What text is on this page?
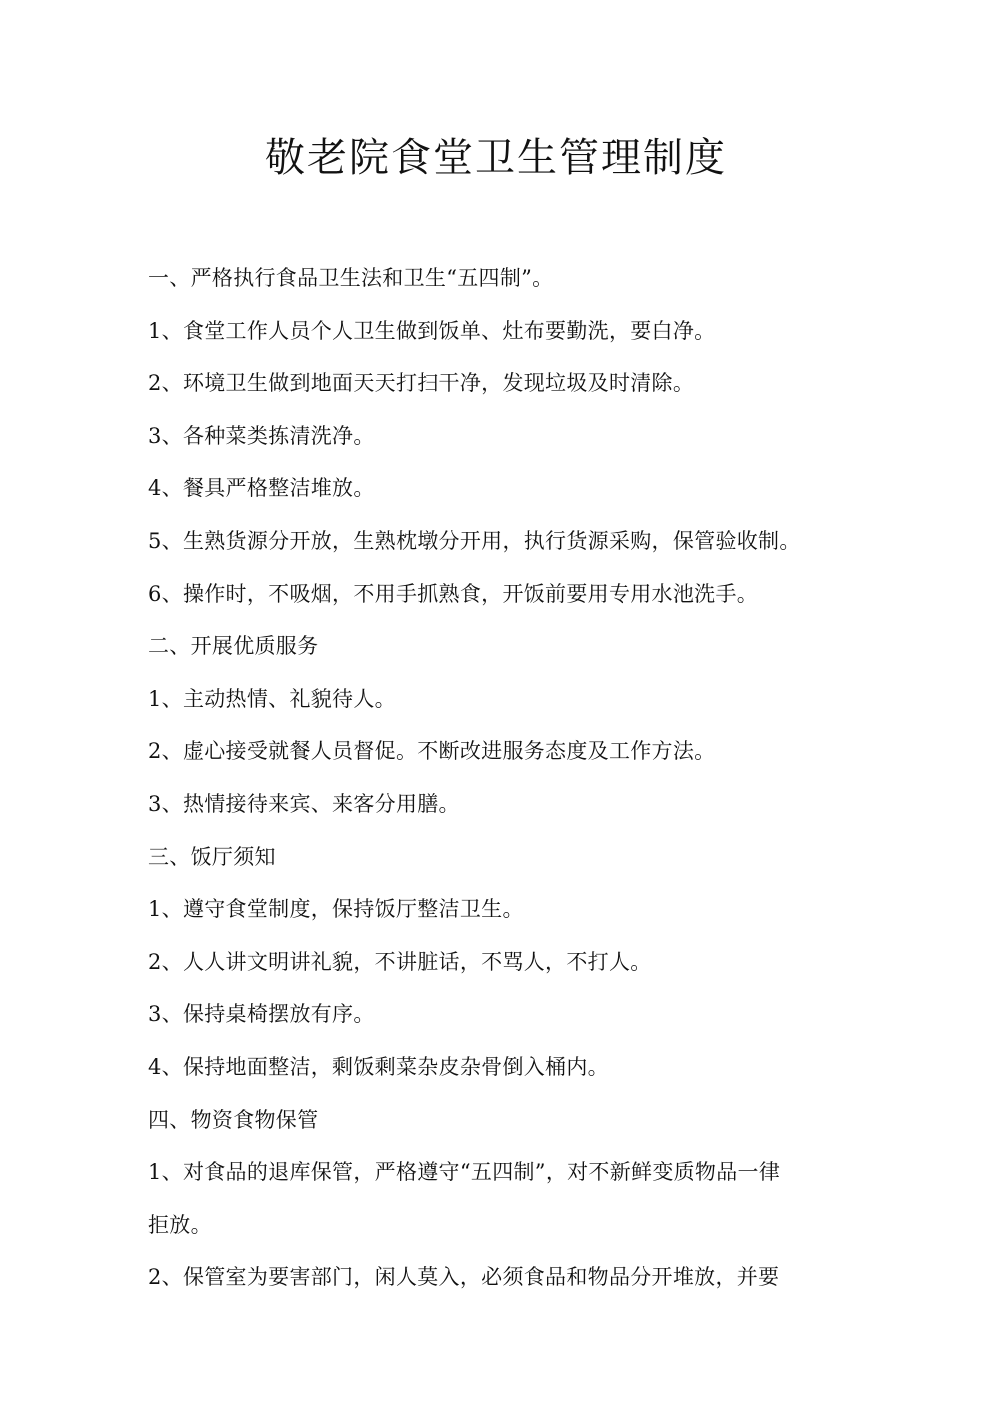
敬老院食堂卫生管理制度
一、严格执行食品卫生法和卫生“五四制”。
1、食堂工作人员个人卫生做到饭单、灶布要勤洗，要白净。
2、环境卫生做到地面天天打扫干净，发现垃圾及时清除。
3、各种菜类拣清洗净。
4、餐具严格整洁堆放。
5、生熟货源分开放，生熟枕墩分开用，执行货源采购，保管验收制。
6、操作时，不吸烟，不用手抓熟食，开饭前要用专用水池洗手。
二、开展优质服务
1、主动热情、礼貌待人。
2、虚心接受就餐人员督促。不断改进服务态度及工作方法。
3、热情接待来宾、来客分用膳。
三、饭厅须知
1、遵守食堂制度，保持饭厅整洁卫生。
2、人人讲文明讲礼貌，不讲脏话，不骂人，不打人。
3、保持桌椅摆放有序。
4、保持地面整洁，剩饭剩菜杂皮杂骨倒入桶内。
四、物资食物保管
1、对食品的退库保管，严格遵守“五四制”，对不新鲜变质物品一律
拒放。
2、保管室为要害部门，闲人莫入，必须食品和物品分开堆放，并要
